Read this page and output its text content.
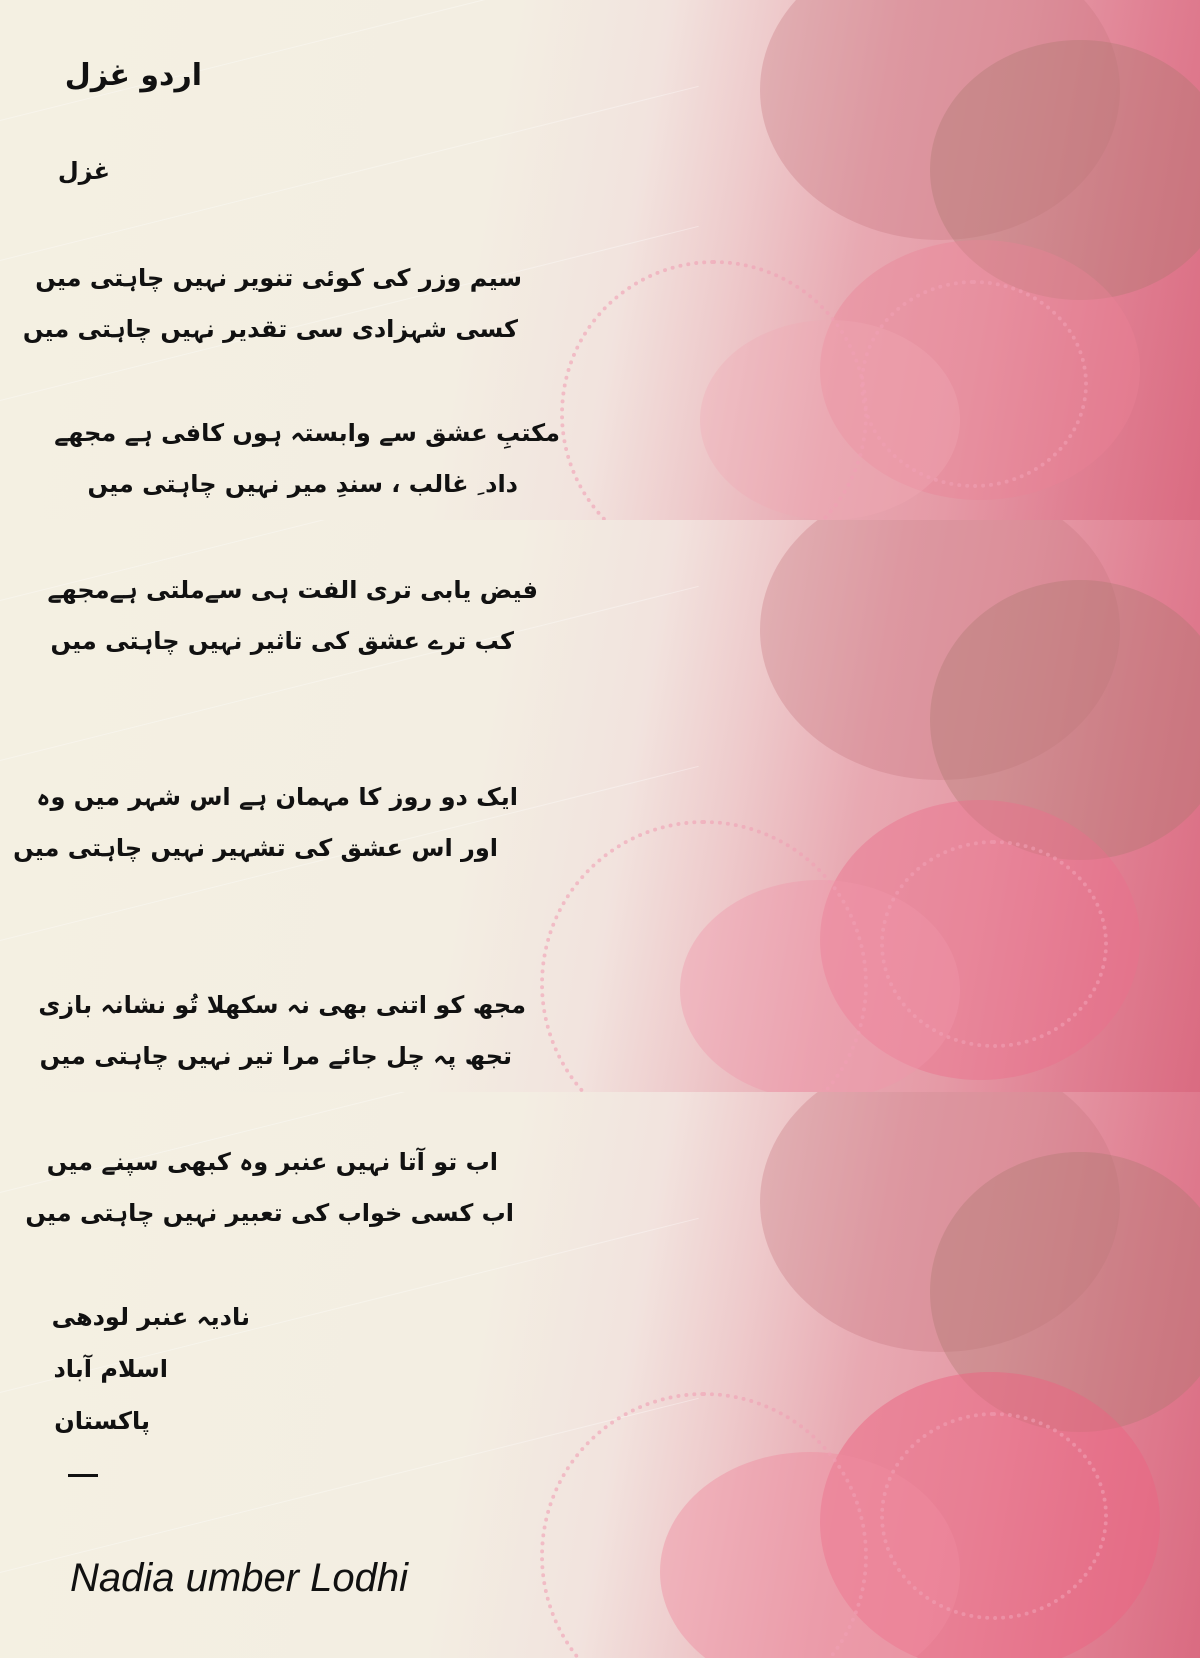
اردو غزل
غزل
سیم وزر کی کوئی تنویر نہیں چاہتی میں
کسی شہزادی سی تقدیر نہیں چاہتی میں
مکتبِ عشق سے وابستہ ہوں کافی ہے مجھے
داد ِ غالب ، سندِ میر نہیں چاہتی میں
فیض یابی تری الفت ہی سےملتی ہےمجھے
کب ترے عشق کی تاثیر نہیں چاہتی میں
ایک دو روز کا مہمان ہے اس شہر میں وہ
اور اس عشق کی تشہیر نہیں چاہتی میں
مجھ کو اتنی بھی نہ سکھلا تُو نشانہ بازی
تجھ پہ چل جائے مرا تیر نہیں چاہتی میں
اب تو آتا نہیں عنبر وہ کبھی سپنے میں
اب کسی خواب کی تعبیر نہیں چاہتی میں
نادیہ عنبر لودھی
اسلام آباد
پاکستان
Nadia umber Lodhi
